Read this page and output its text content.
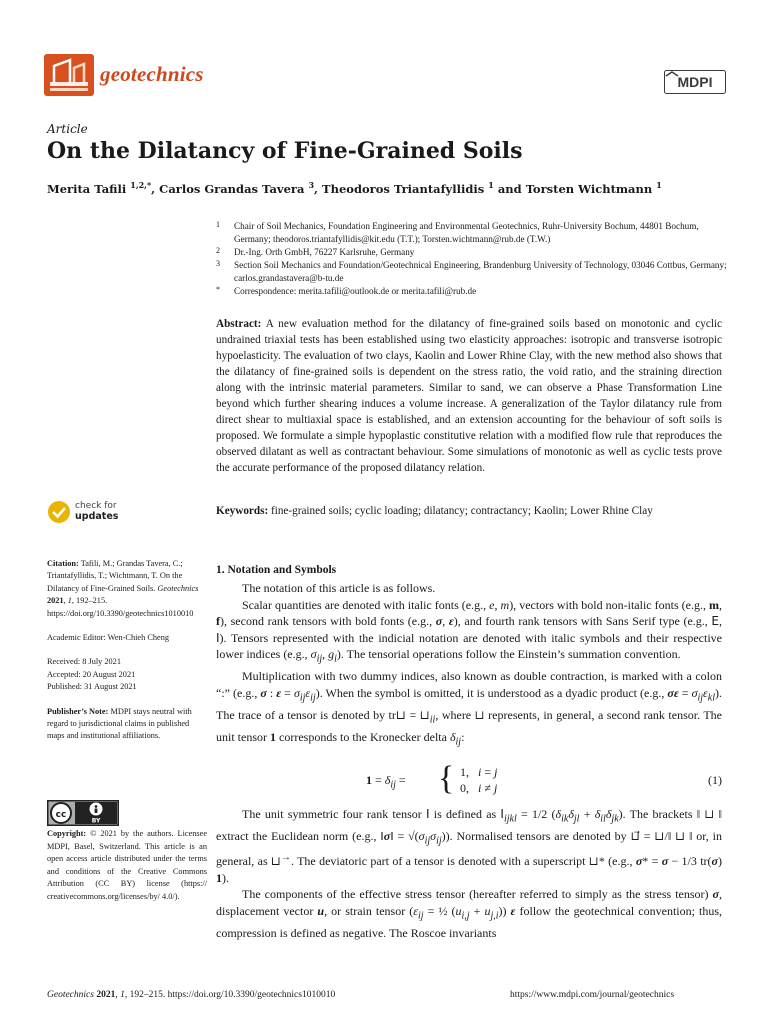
geotechnics	MDPI
Article
On the Dilatancy of Fine-Grained Soils
Merita Tafili $^{1,2,*}$, Carlos Grandas Tavera $^3$, Theodoros Triantafyllidis $^1$ and Torsten Wichtmann $^1$
1 Chair of Soil Mechanics, Foundation Engineering and Environmental Geotechnics, Ruhr-University Bochum, 44801 Bochum, Germany; theodoros.triantafyllidis@kit.edu (T.T.); Torsten.wichtmann@rub.de (T.W.)
2 Dr.-Ing. Orth GmbH, 76227 Karlsruhe, Germany
3 Section Soil Mechanics and Foundation/Geotechnical Engineering, Brandenburg University of Technology, 03046 Cottbus, Germany; carlos.grandastavera@b-tu.de
* Correspondence: merita.tafili@outlook.de or merita.tafili@rub.de
Abstract: A new evaluation method for the dilatancy of fine-grained soils based on monotonic and cyclic undrained triaxial tests has been established using two elasticity approaches: isotropic and transverse isotropic hypoelasticity. The evaluation of two clays, Kaolin and Lower Rhine Clay, with the new method also shows that the dilatancy of fine-grained soils is dependent on the stress ratio, the void ratio, and the straining direction along with the intrinsic material parameters. Similar to sand, we can observe a Phase Transformation Line beyond which further shearing induces a volume increase. A generalization of the Taylor dilatancy rule from direct shear to multiaxial space is established, and an extension accounting for the behaviour of soft soils is proposed. We formulate a simple hypoplastic constitutive relation with a modified flow rule that reproduces the observed dilatant as well as contractant behaviour. Some simulations of monotonic as well as cyclic tests prove the accurate performance of the proposed dilatancy relation.
Keywords: fine-grained soils; cyclic loading; dilatancy; contractancy; Kaolin; Lower Rhine Clay
check for
updates
Citation: Tafili, M.; Grandas Tavera, C.; Triantafyllidis, T.; Wichtmann, T. On the Dilatancy of Fine-Grained Soils. Geotechnics 2021, 1, 192–215. https://doi.org/10.3390/geotechnics1010010
Academic Editor: Wen-Chieh Cheng
Received: 8 July 2021
Accepted: 20 August 2021
Published: 31 August 2021
Publisher’s Note: MDPI stays neutral with regard to jurisdictional claims in published maps and institutional affiliations.
cc
BY
Copyright: © 2021 by the authors. Licensee MDPI, Basel, Switzerland. This article is an open access article distributed under the terms and conditions of the Creative Commons Attribution (CC BY) license (https:// creativecommons.org/licenses/by/ 4.0/).
1. Notation and Symbols

The notation of this article is as follows.

Scalar quantities are denoted with italic fonts (e.g., e, m), vectors with bold non-italic fonts (e.g., m, f), second rank tensors with bold fonts (e.g., σ, ε), and fourth rank tensors with Sans Serif type (e.g., E, I). Tensors represented with the indicial notation are denoted with italic symbols and their respective lower indices (e.g., $\sigma_{ij}$, $g_i$). The tensorial operations follow the Einstein’s summation convention.

Multiplication with two dummy indices, also known as double contraction, is marked with a colon “:” (e.g., σ : $\varepsilon = \sigma_{ij}\varepsilon_{ij}$). When the symbol is omitted, it is understood as a dyadic product (e.g., $\sigma\varepsilon = \sigma_{ij}\varepsilon_{kl}$). The trace of a tensor is denoted by tr⊔ = $⊔_{ii}$, where ⊔ represents, in general, a second rank tensor. The unit tensor 1 corresponds to the Kronecker delta $\delta_{ij}$:

$1 = \delta_{ij}$ = { 1,   i = j
0,   i ≠ j
(1)

The unit symmetric four rank tensor I is defined as $I_{ijkl} = 1/2$ $(\delta_{ik}\delta_{jl} + \delta_{il}\delta_{jk})$. The brackets ‖ ⊔ ‖ extract the Euclidean norm (e.g., ‖σ‖ = $√(\sigma_{ij}\sigma_{ij})$). Normalised tensors are denoted by ⊔⃗ = ⊔/‖ ⊔ ‖ or, in general, as ⊔→. The deviatoric part of a tensor is denoted with a superscript ⊔* (e.g., σ* = σ − 1/3 tr(σ) 1).

The components of the effective stress tensor (hereafter referred to simply as the stress tensor) σ, displacement vector u, or strain tensor ($\varepsilon_{ij}$ = ½ $(u_{i,j} + u_{j,i})$) ε follow the geotechnical convention; thus, compression is defined as negative. The Roscoe invariants

Geotechnics 2021, 1, 192–215. https://doi.org/10.3390/geotechnics1010010	https://www.mdpi.com/journal/geotechnics
